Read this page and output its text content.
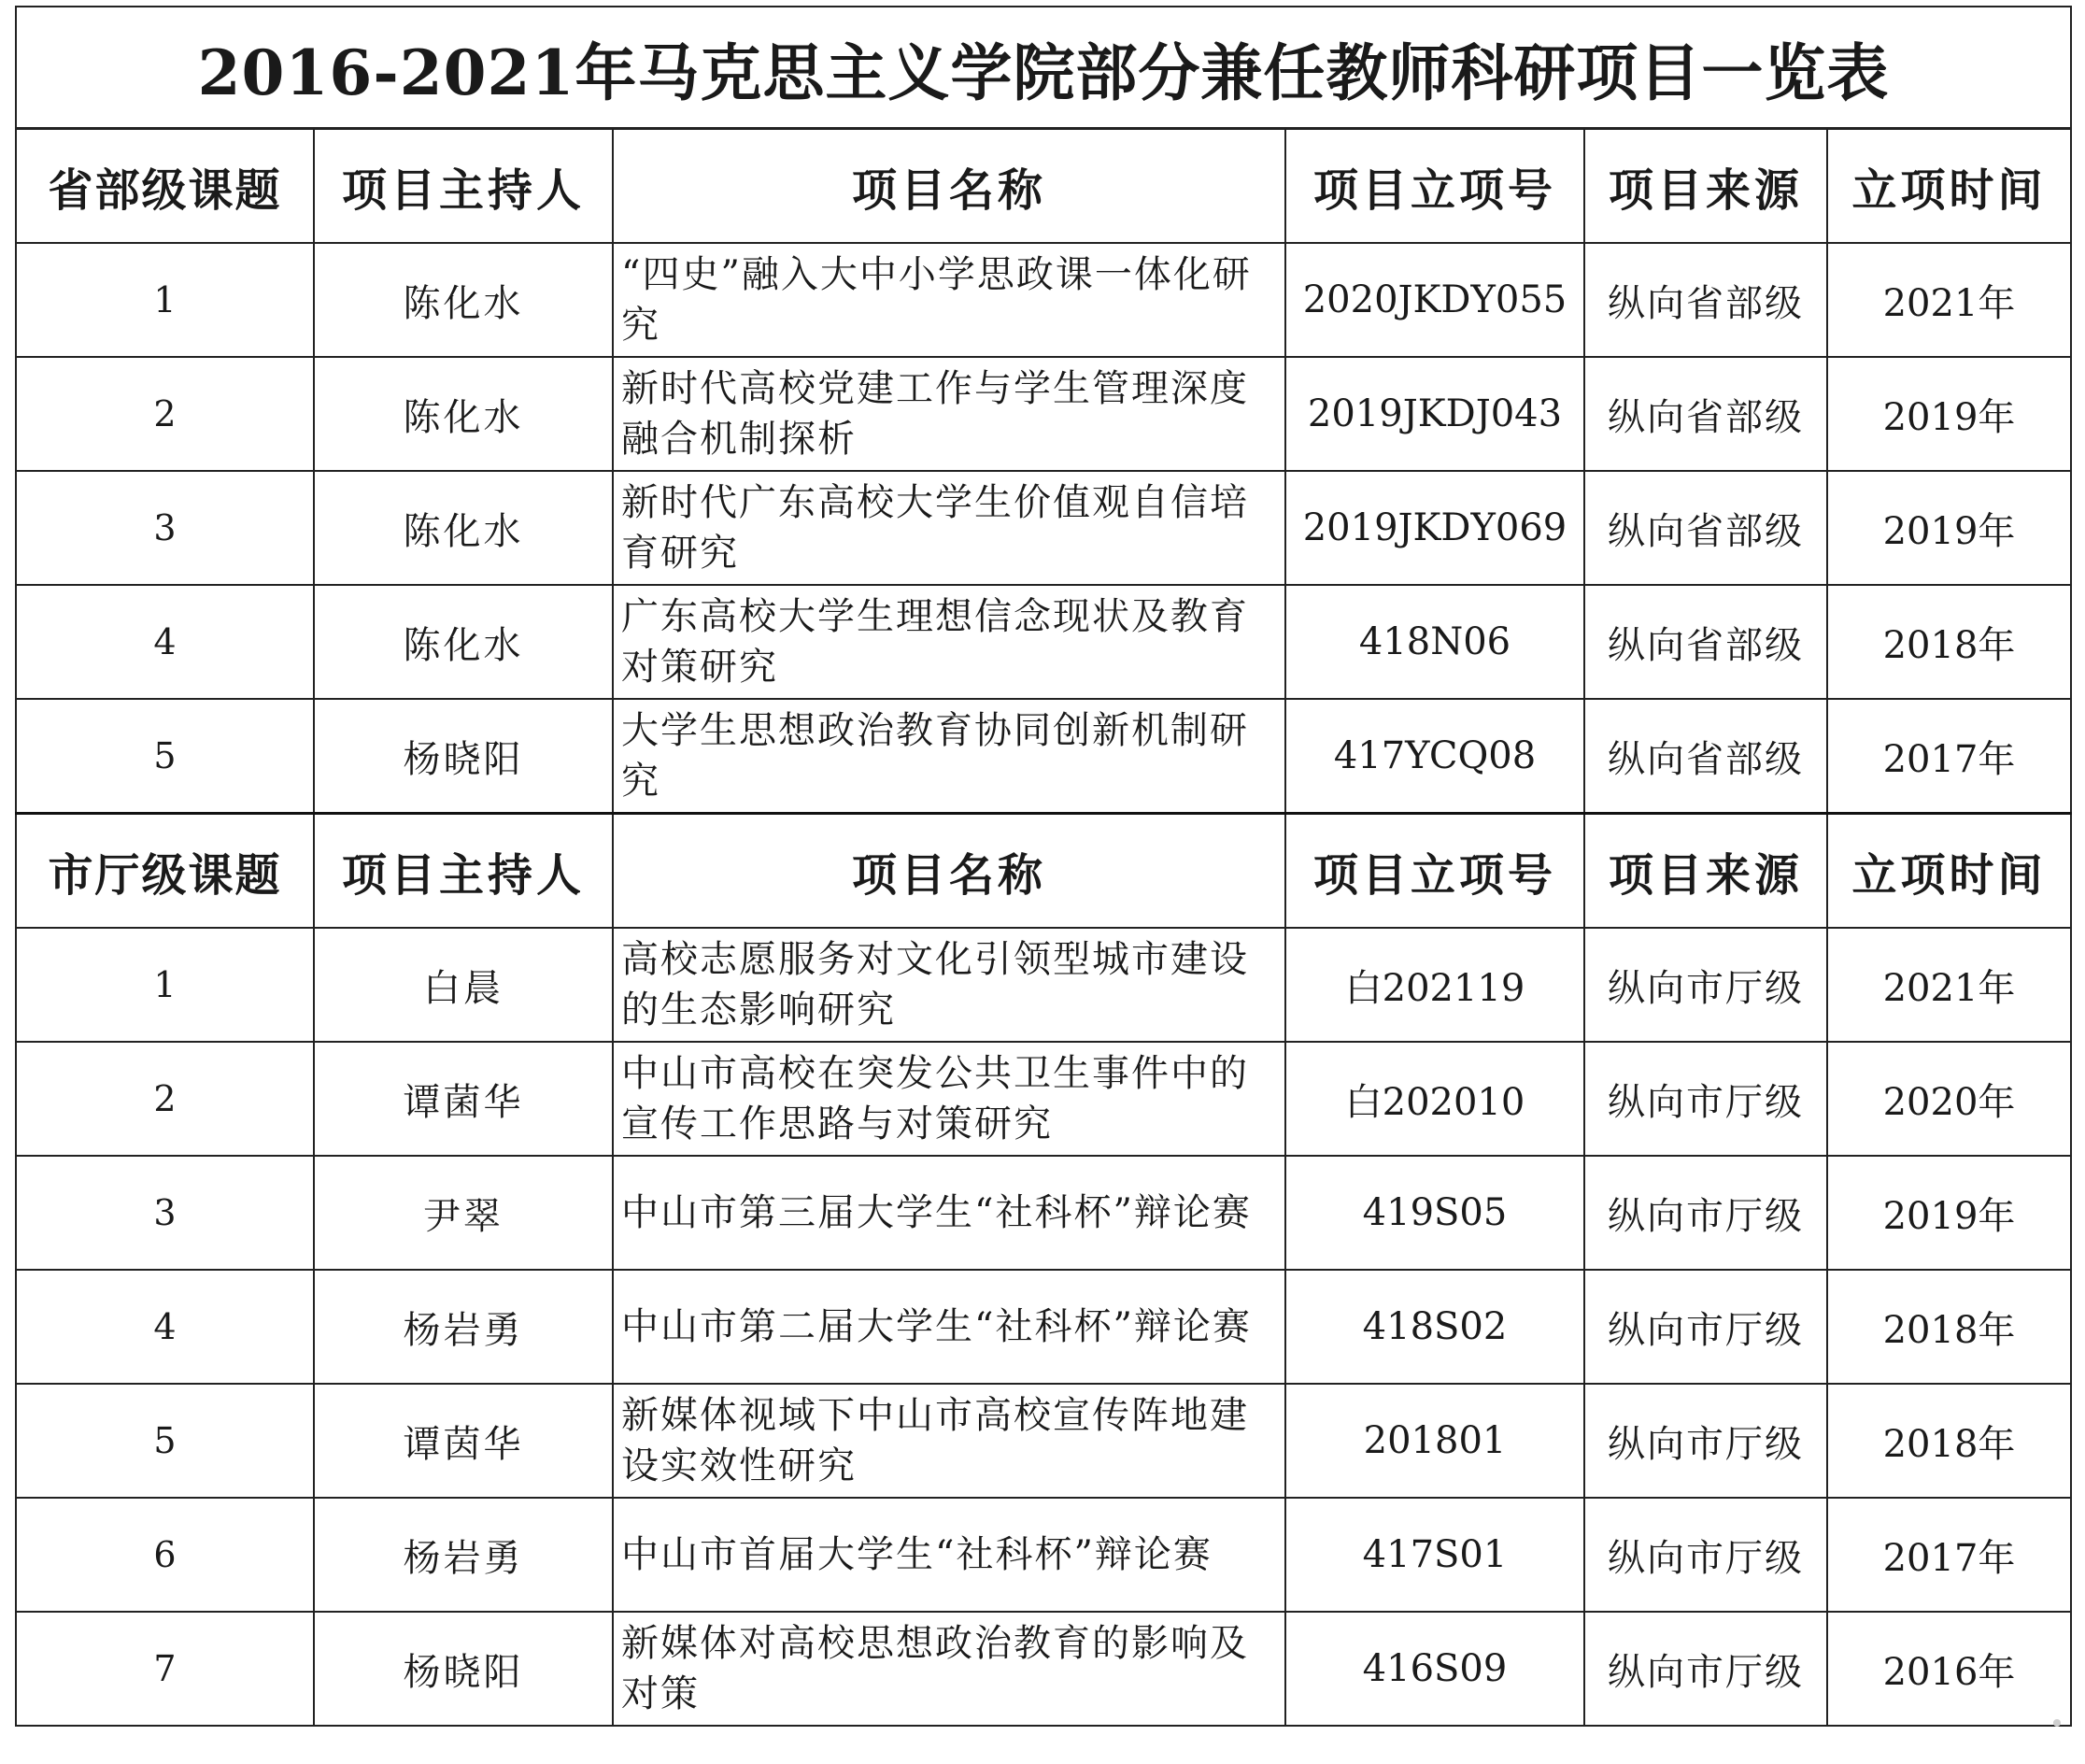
2016-2021年马克思主义学院部分兼任教师科研项目一览表					
省部级课题	项目主持人	项目名称	项目立项号	项目来源	立项时间
1	陈化水	“四史”融入大中小学思政课一体化研究	2020JKDY055	纵向省部级	2021年
2	陈化水	新时代高校党建工作与学生管理深度融合机制探析	2019JKDJ043	纵向省部级	2019年
3	陈化水	新时代广东高校大学生价值观自信培育研究	2019JKDY069	纵向省部级	2019年
4	陈化水	广东高校大学生理想信念现状及教育对策研究	418N06	纵向省部级	2018年
5	杨晓阳	大学生思想政治教育协同创新机制研究	417YCQ08	纵向省部级	2017年
市厅级课题	项目主持人	项目名称	项目立项号	项目来源	立项时间
1	白晨	高校志愿服务对文化引领型城市建设的生态影响研究	白202119	纵向市厅级	2021年
2	谭菌华	中山市高校在突发公共卫生事件中的宣传工作思路与对策研究	白202010	纵向市厅级	2020年
3	尹翠	中山市第三届大学生“社科杯”辩论赛	419S05	纵向市厅级	2019年
4	杨岩勇	中山市第二届大学生“社科杯”辩论赛	418S02	纵向市厅级	2018年
5	谭茵华	新媒体视域下中山市高校宣传阵地建设实效性研究	201801	纵向市厅级	2018年
6	杨岩勇	中山市首届大学生“社科杯”辩论赛	417S01	纵向市厅级	2017年
7	杨晓阳	新媒体对高校思想政治教育的影响及对策	416S09	纵向市厅级	2016年
